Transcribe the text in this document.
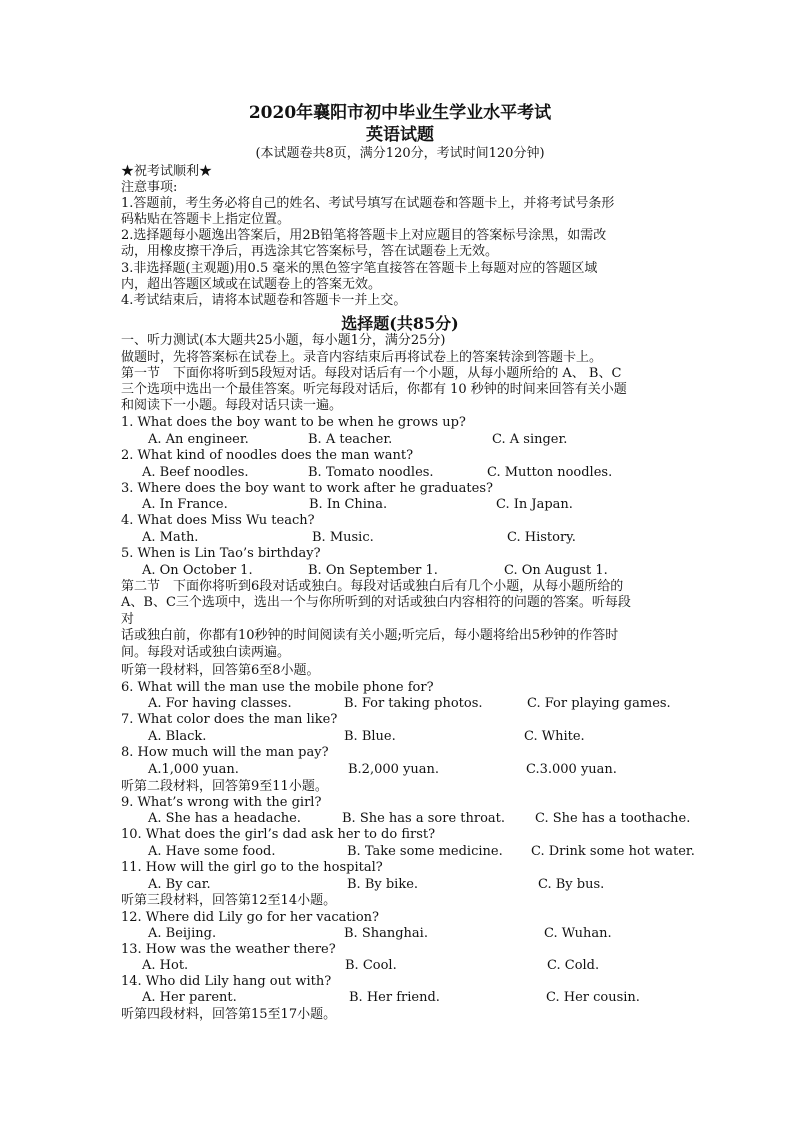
2020年襄阳市初中毕业生学业水平考试
英语试题
(本试题卷共8页，满分120分，考试时间120分钟)
★祝考试顺利★
注意事项:
1.答题前，考生务必将自己的姓名、考试号填写在试题卷和答题卡上，并将考试号条形
码粘贴在答题卡上指定位置。
2.选择题每小题逸出答案后，用2B铅笔将答题卡上对应题目的答案标号涂黑，如需改
动，用橡皮擦干净后，再选涂其它答案标号，答在试题卷上无效。
3.非选择题(主观题)用0.5 毫米的黑色签字笔直接答在答题卡上每题对应的答题区域
内，超出答题区域或在试题卷上的答案无效。
4.考试结束后，请将本试题卷和答题卡一并上交。
选择题(共85分)
一、听力测试(本大题共25小题，每小题1分，满分25分)
做题时，先将答案标在试卷上。录音内容结束后再将试卷上的答案转涂到答题卡上。
第一节　下面你将听到5段短对话。每段对话后有一个小题，从每小题所给的 A、 B、C
三个选项中选出一个最佳答案。听完每段对话后，你都有 10 秒钟的时间来回答有关小题
和阅读下一小题。每段对话只读一遍。
1. What does the boy want to be when he grows up?
A. An engineer.	B. A teacher.	C. A singer.
2. What kind of noodles does the man want?
A. Beef noodles.	B. Tomato noodles.	C. Mutton noodles.
3. Where does the boy want to work after he graduates?
A. In France.	B. In China.	C. In Japan.
4. What does Miss Wu teach?
A. Math.	B. Music.	C. History.
5. When is Lin Tao’s birthday?
A. On October 1.	B. On September 1.	C. On August 1.
第二节　下面你将听到6段对话或独白。每段对话或独白后有几个小题，从每小题所给的
A、B、C三个选项中，选出一个与你所听到的对话或独白内容相符的问题的答案。听每段
对
话或独白前，你都有10秒钟的时间阅读有关小题;听完后，每小题将给出5秒钟的作答时
间。每段对话或独白读两遍。
听第一段材料，回答第6至8小题。
6. What will the man use the mobile phone for?
A. For having classes.	B. For taking photos.	C. For playing games.
7. What color does the man like?
A. Black.	B. Blue.	C. White.
8. How much will the man pay?
A.1,000 yuan.	B.2,000 yuan.	C.3.000 yuan.
听第二段材料，回答第9至11小题。
9. What’s wrong with the girl?
A. She has a headache.	B. She has a sore throat. C. She has a toothache.
10. What does the girl’s dad ask her to do first?
A. Have some food.	B. Take some medicine. C. Drink some hot water.
11. How will the girl go to the hospital?
A. By car.	B. By bike.	C. By bus.
听第三段材料，回答第12至14小题。
12. Where did Lily go for her vacation?
A. Beijing.	B. Shanghai.	C. Wuhan.
13. How was the weather there?
A. Hot.	B. Cool.	C. Cold.
14. Who did Lily hang out with?
A. Her parent.	B. Her friend.	C. Her cousin.
听第四段材料，回答第15至17小题。
